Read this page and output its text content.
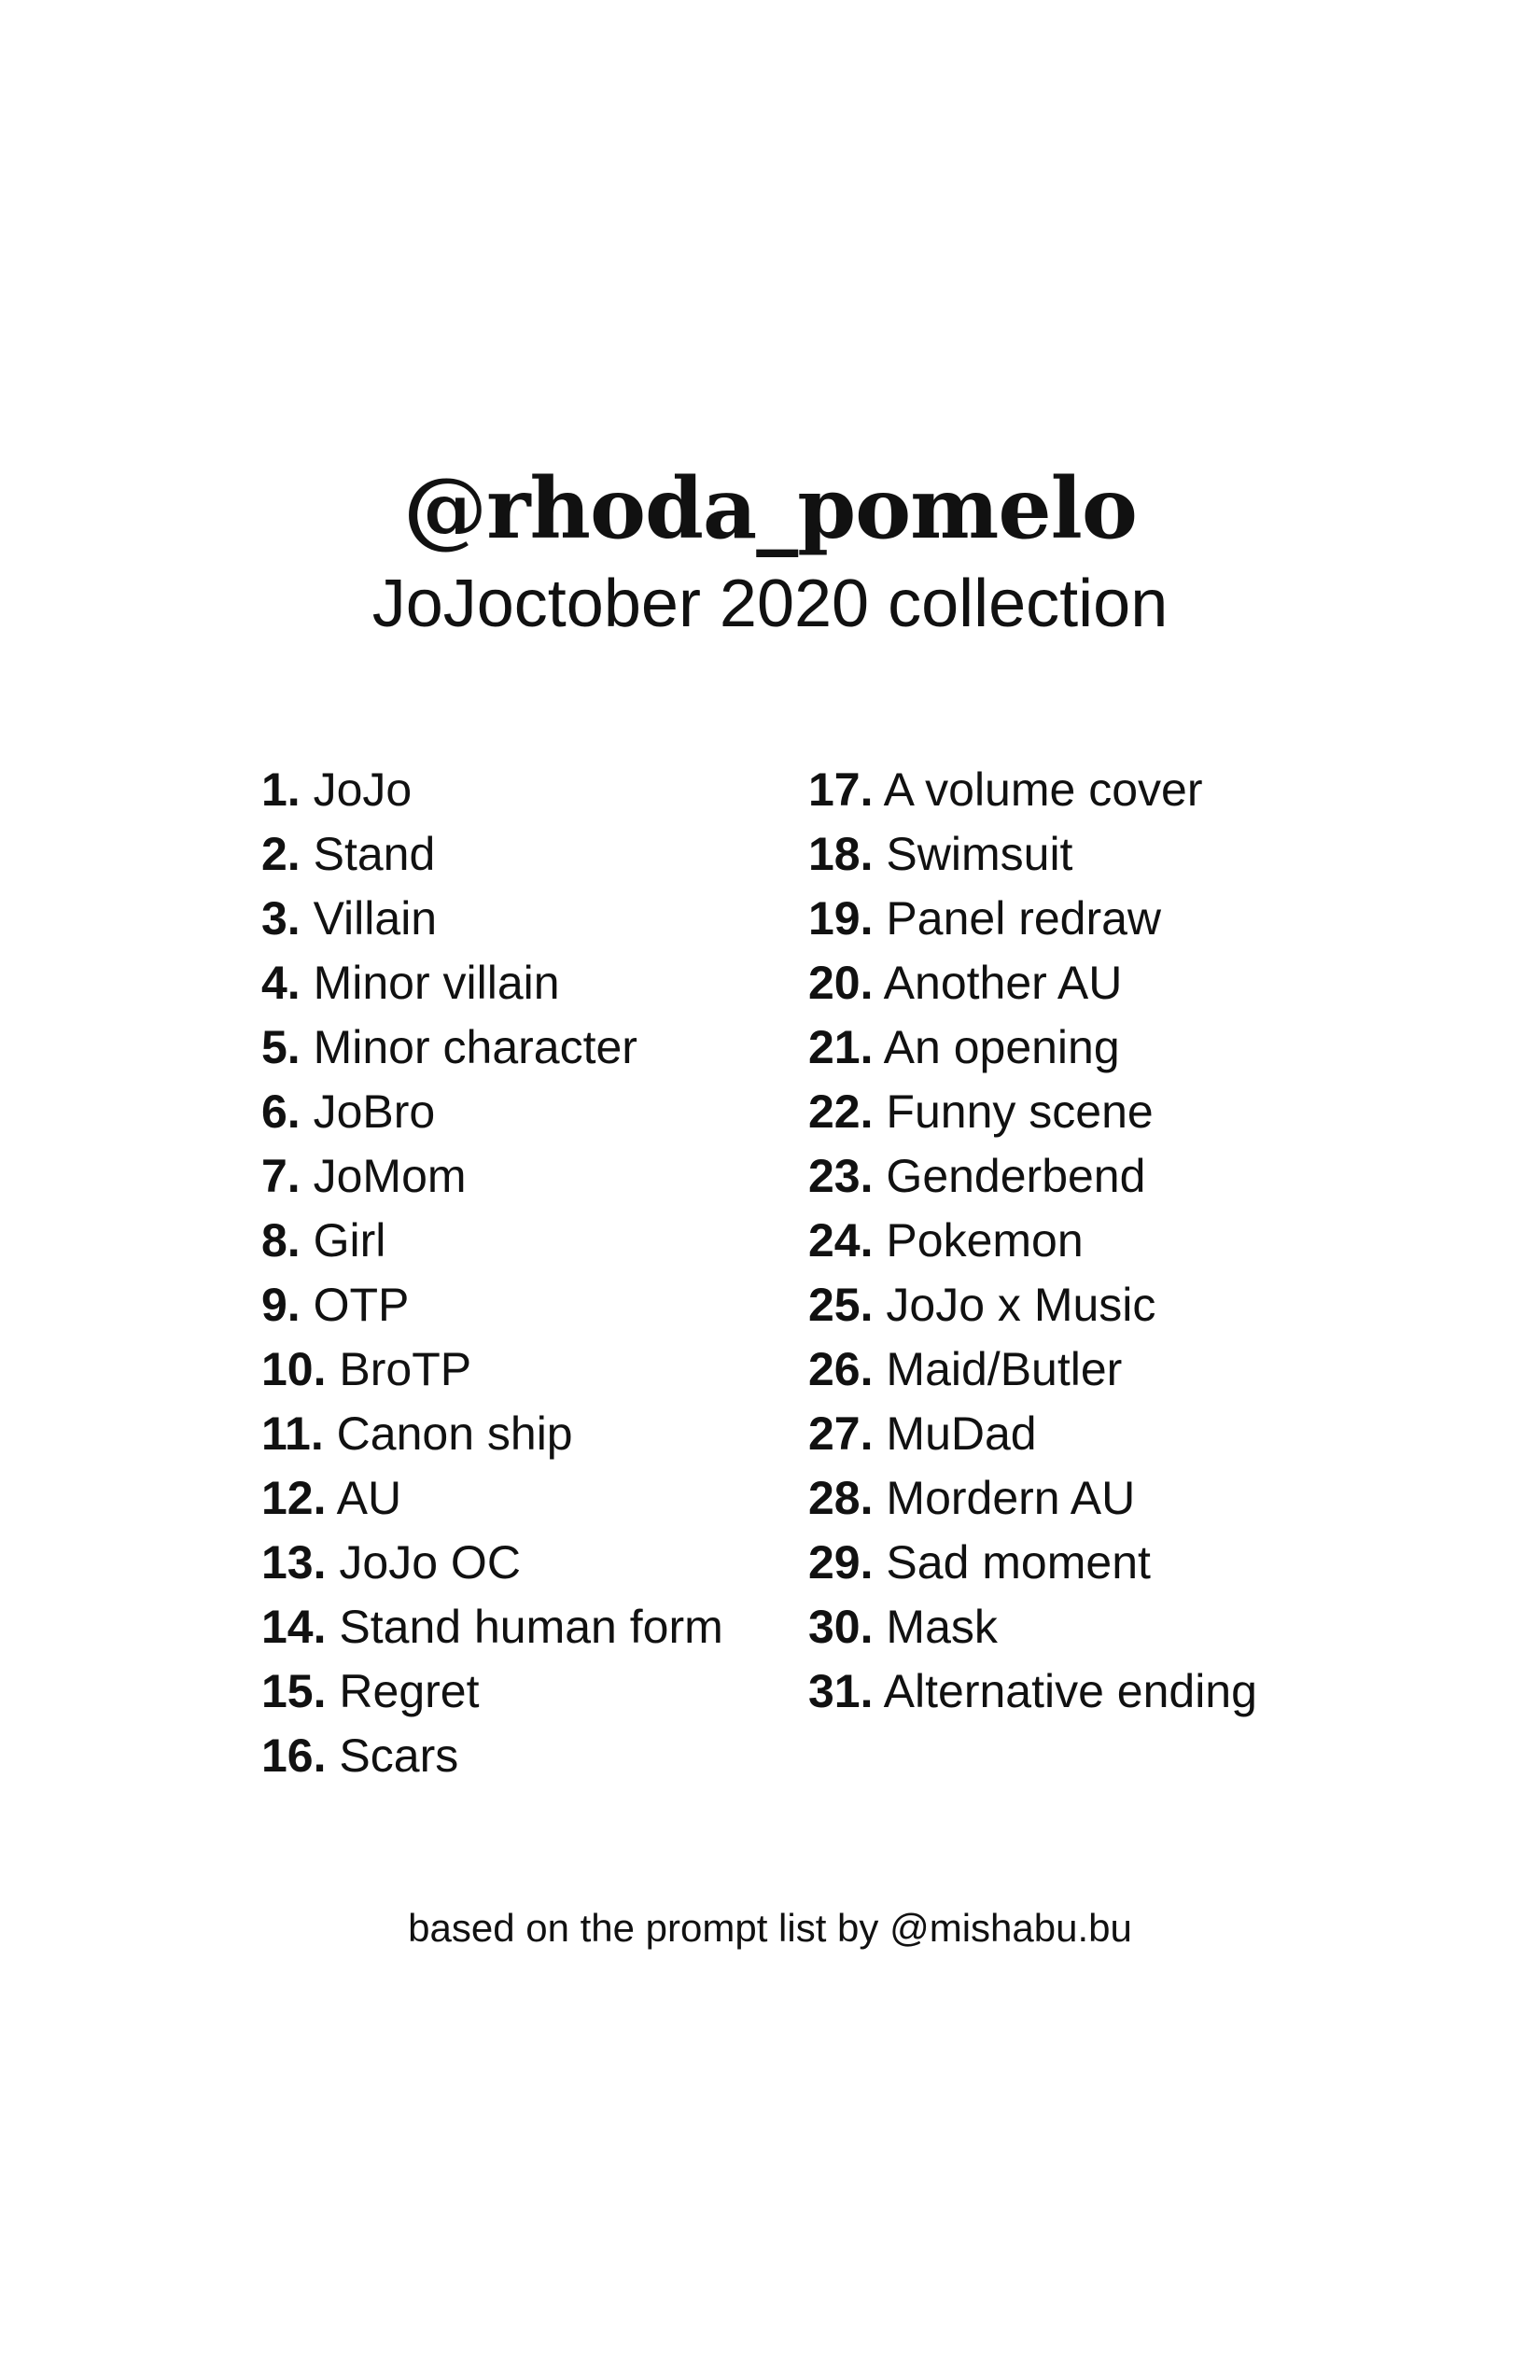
@rhoda_pomelo
JoJoctober 2020 collection
1. JoJo
2. Stand
3. Villain
4. Minor villain
5. Minor character
6. JoBro
7. JoMom
8. Girl
9. OTP
10. BroTP
11. Canon ship
12. AU
13. JoJo OC
14. Stand human form
15. Regret
16. Scars
17. A volume cover
18. Swimsuit
19. Panel redraw
20. Another AU
21. An opening
22. Funny scene
23. Genderbend
24. Pokemon
25. JoJo x Music
26. Maid/Butler
27. MuDad
28. Mordern AU
29. Sad moment
30. Mask
31. Alternative ending
based on the prompt list by @mishabu.bu
